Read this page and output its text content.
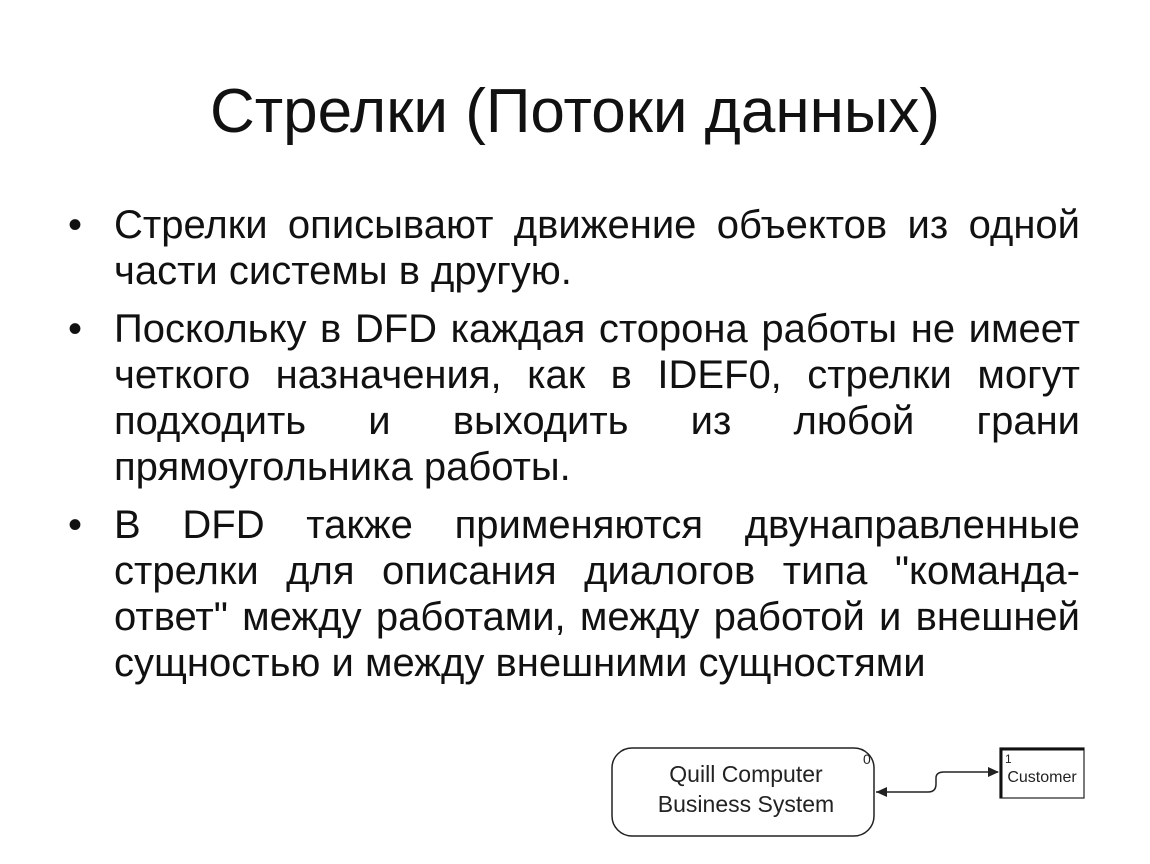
Стрелки (Потоки данных)
• Стрелки описывают движение объектов из одной части системы в другую.
• Поскольку в DFD каждая сторона работы не имеет четкого назначения, как в IDEF0, стрелки могут подходить и выходить из любой грани прямоугольника работы.
• В DFD также применяются двунаправленные стрелки для описания диалогов типа "команда-ответ" между работами, между работой и внешней сущностью и между внешними сущностями
0
Quill Computer
Business System
1
Customer
